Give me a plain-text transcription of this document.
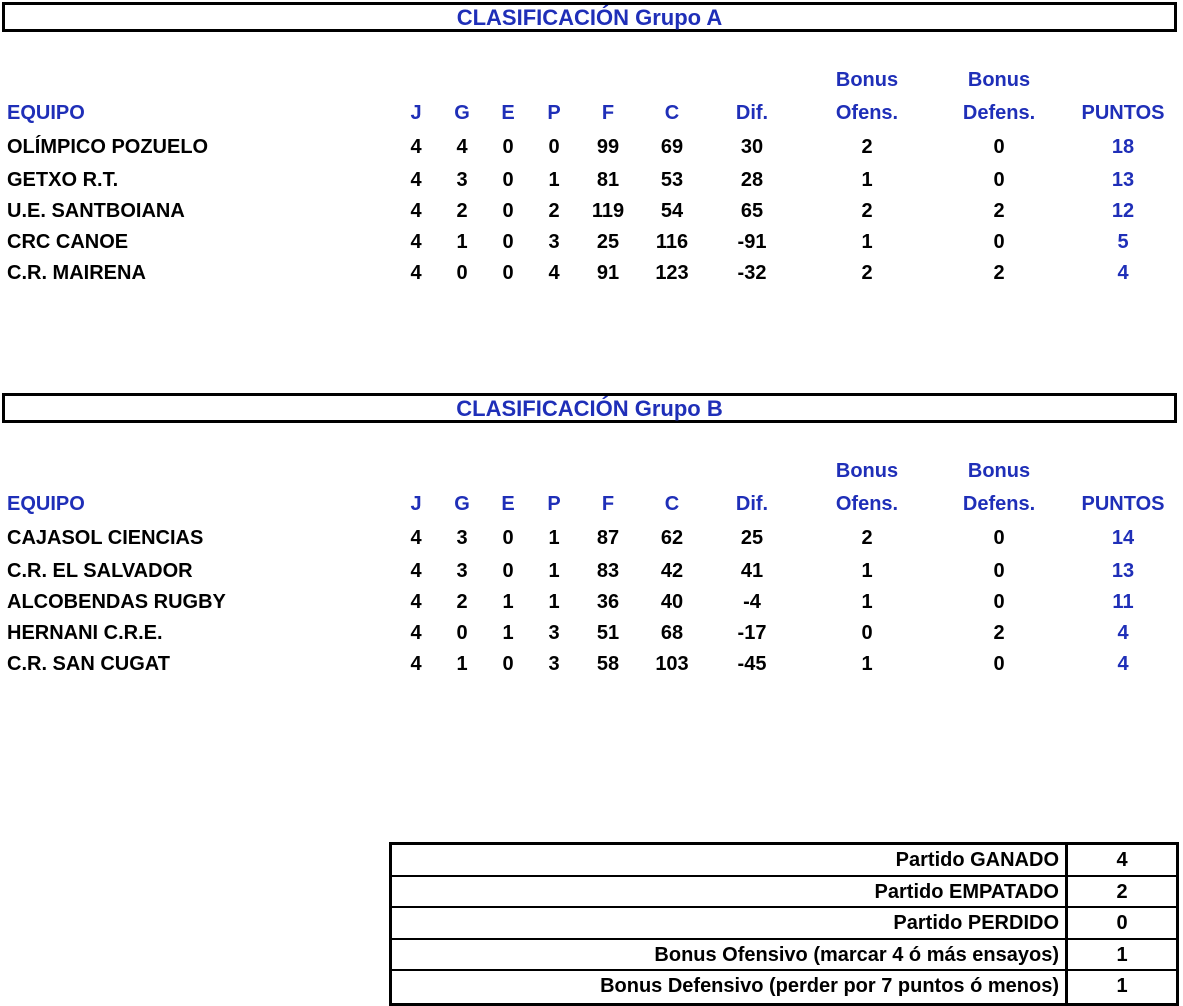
CLASIFICACIÓN Grupo A
Bonus	Bonus
EQUIPO	J G E P F	C	Dif.	Ofens.	Defens. PUNTOS
OLÍMPICO POZUELO	4 4 0 0 99 69	30	2	0	18
GETXO R.T.	4 3 0 1 81 53	28	1	0	13
U.E. SANTBOIANA	4 2 0 2 119 54	65	2	2	12
CRC CANOE	4 1 0 3 25 116 -91	1	0	5
C.R. MAIRENA	4 0 0 4 91 123 -32	2	2	4
CLASIFICACIÓN Grupo B
Bonus	Bonus
EQUIPO	J G E P F	C	Dif.	Ofens.	Defens. PUNTOS
CAJASOL CIENCIAS	4 3 0 1 87 62	25	2	0	14
C.R. EL SALVADOR	4 3 0 1 83 42	41	1	0	13
ALCOBENDAS RUGBY	4 2 1 1 36 40	-4	1	0	11
HERNANI C.R.E.	4 0 1 3 51 68	-17	0	2	4
C.R. SAN CUGAT	4 1 0 3 58 103 -45	1	0	4
Partido GANADO	4
Partido EMPATADO	2
Partido PERDIDO	0
Bonus Ofensivo (marcar 4 ó más ensayos)	1
Bonus Defensivo (perder por 7 puntos ó menos)	1
